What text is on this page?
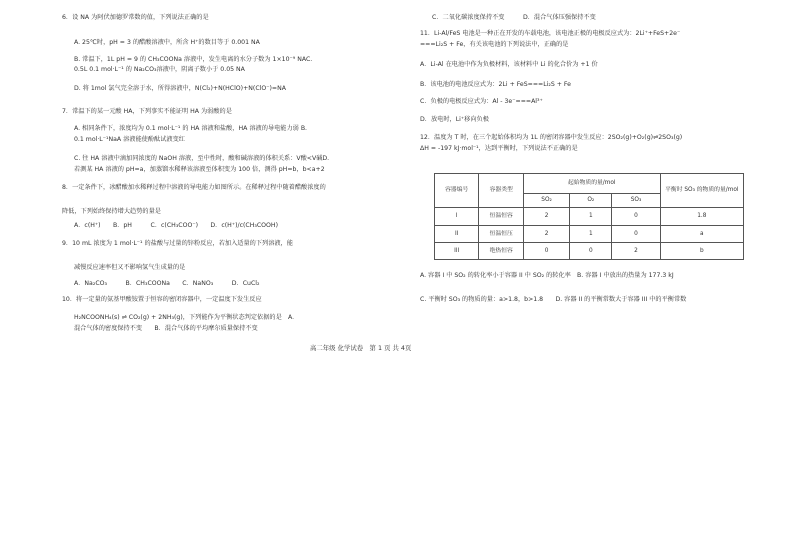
6．设 NA 为阿伏加德罗常数的值，下列说法正确的是
A. 25℃时，pH = 3 的醋酸溶液中，所含 H⁺的数目等于 0.001 NA
B. 常温下，1L pH = 9 的 CH₃COONa 溶液中，发生电离的水分子数为 1×10⁻⁹ NAC.
0.5L 0.1 mol·L⁻¹ 的 Na₂CO₃溶液中，阴离子数小于 0.05 NA
D. 将 1mol 氯气完全溶于水，所得溶液中，N(Cl₂)+N(HClO)+N(ClO⁻)=NA
7．常温下的某一元酸 HA，下列事实不能证明 HA 为弱酸的是
A. 相同条件下，浓度均为 0.1 mol·L⁻¹ 的 HA 溶液和盐酸，HA 溶液的导电能力弱 B.
0.1 mol·L⁻¹NaA 溶液能使酚酞试液变红
C. 往 HA 溶液中滴加同浓度的 NaOH 溶液，至中性时，酸和碱溶液的体积关系：V酸<V碱D.
若测某 HA 溶液的 pH=a，加蒸馏水稀释该溶液至体积变为 100 倍，测得 pH=b，b<a+2
8．一定条件下，冰醋酸加水稀释过程中溶液的导电能力如图所示。在稀释过程中随着醋酸浓度的
降低，下列始终保持增大趋势的量是
A．c(H⁺)　　B．pH　　　C．c(CH₃COO⁻)　　D．c(H⁺)/c(CH₃COOH)
9．10 mL 浓度为 1 mol·L⁻¹ 的盐酸与过量的锌粉反应，若加入适量的下列溶液，能
减慢反应速率但又不影响氢气生成量的是
A．Na₂CO₃　　　B．CH₃COONa　　C．NaNO₃　　　D．CuCl₂
10．将一定量的氨基甲酸铵置于恒容的密闭容器中，一定温度下发生反应
H₂NCOONH₄(s) ⇌ CO₂(g) + 2NH₃(g)，下列能作为平衡状态判定依据的是　A．
混合气体的密度保持不变　　B．混合气体的平均摩尔质量保持不变
容器编号	容器类型	起始物质的量/mol			平衡时 SO₃ 的物质的量/mol
		SO₂	O₂	SO₃	
I	恒温恒容	2	1	0	1.8
II	恒温恒压	2	1	0	a
III	绝热恒容	0	0	2	b
C．二氧化碳浓度保持不变　　　D．混合气体压强保持不变
11．Li-Al/FeS 电池是一种正在开发的车载电池，该电池正极的电极反应式为：2Li⁺+FeS+2e⁻
===Li₂S + Fe，有关该电池的下列说法中，正确的是
A．Li-Al 在电池中作为负极材料，该材料中 Li 的化合价为 +1 价
B．该电池的电池反应式为：2Li + FeS===Li₂S + Fe
C．负极的电极反应式为：Al - 3e⁻===Al³⁺
D．放电时，Li⁺移向负极
12．温度为 T 时，在三个起始体积均为 1L 的密闭容器中发生反应：2SO₂(g)+O₂(g)⇌2SO₃(g)
ΔH = -197 kJ·mol⁻¹，达到平衡时，下列说法不正确的是
A. 容器 I 中 SO₂ 的转化率小于容器 II 中 SO₂ 的转化率　B. 容器 I 中放出的热量为 177.3 kJ
C. 平衡时 SO₃ 的物质的量：a>1.8，b>1.8　　D. 容器 II 的平衡常数大于容器 III 中的平衡常数
高二年级 化学试卷　第 1 页 共 4页
